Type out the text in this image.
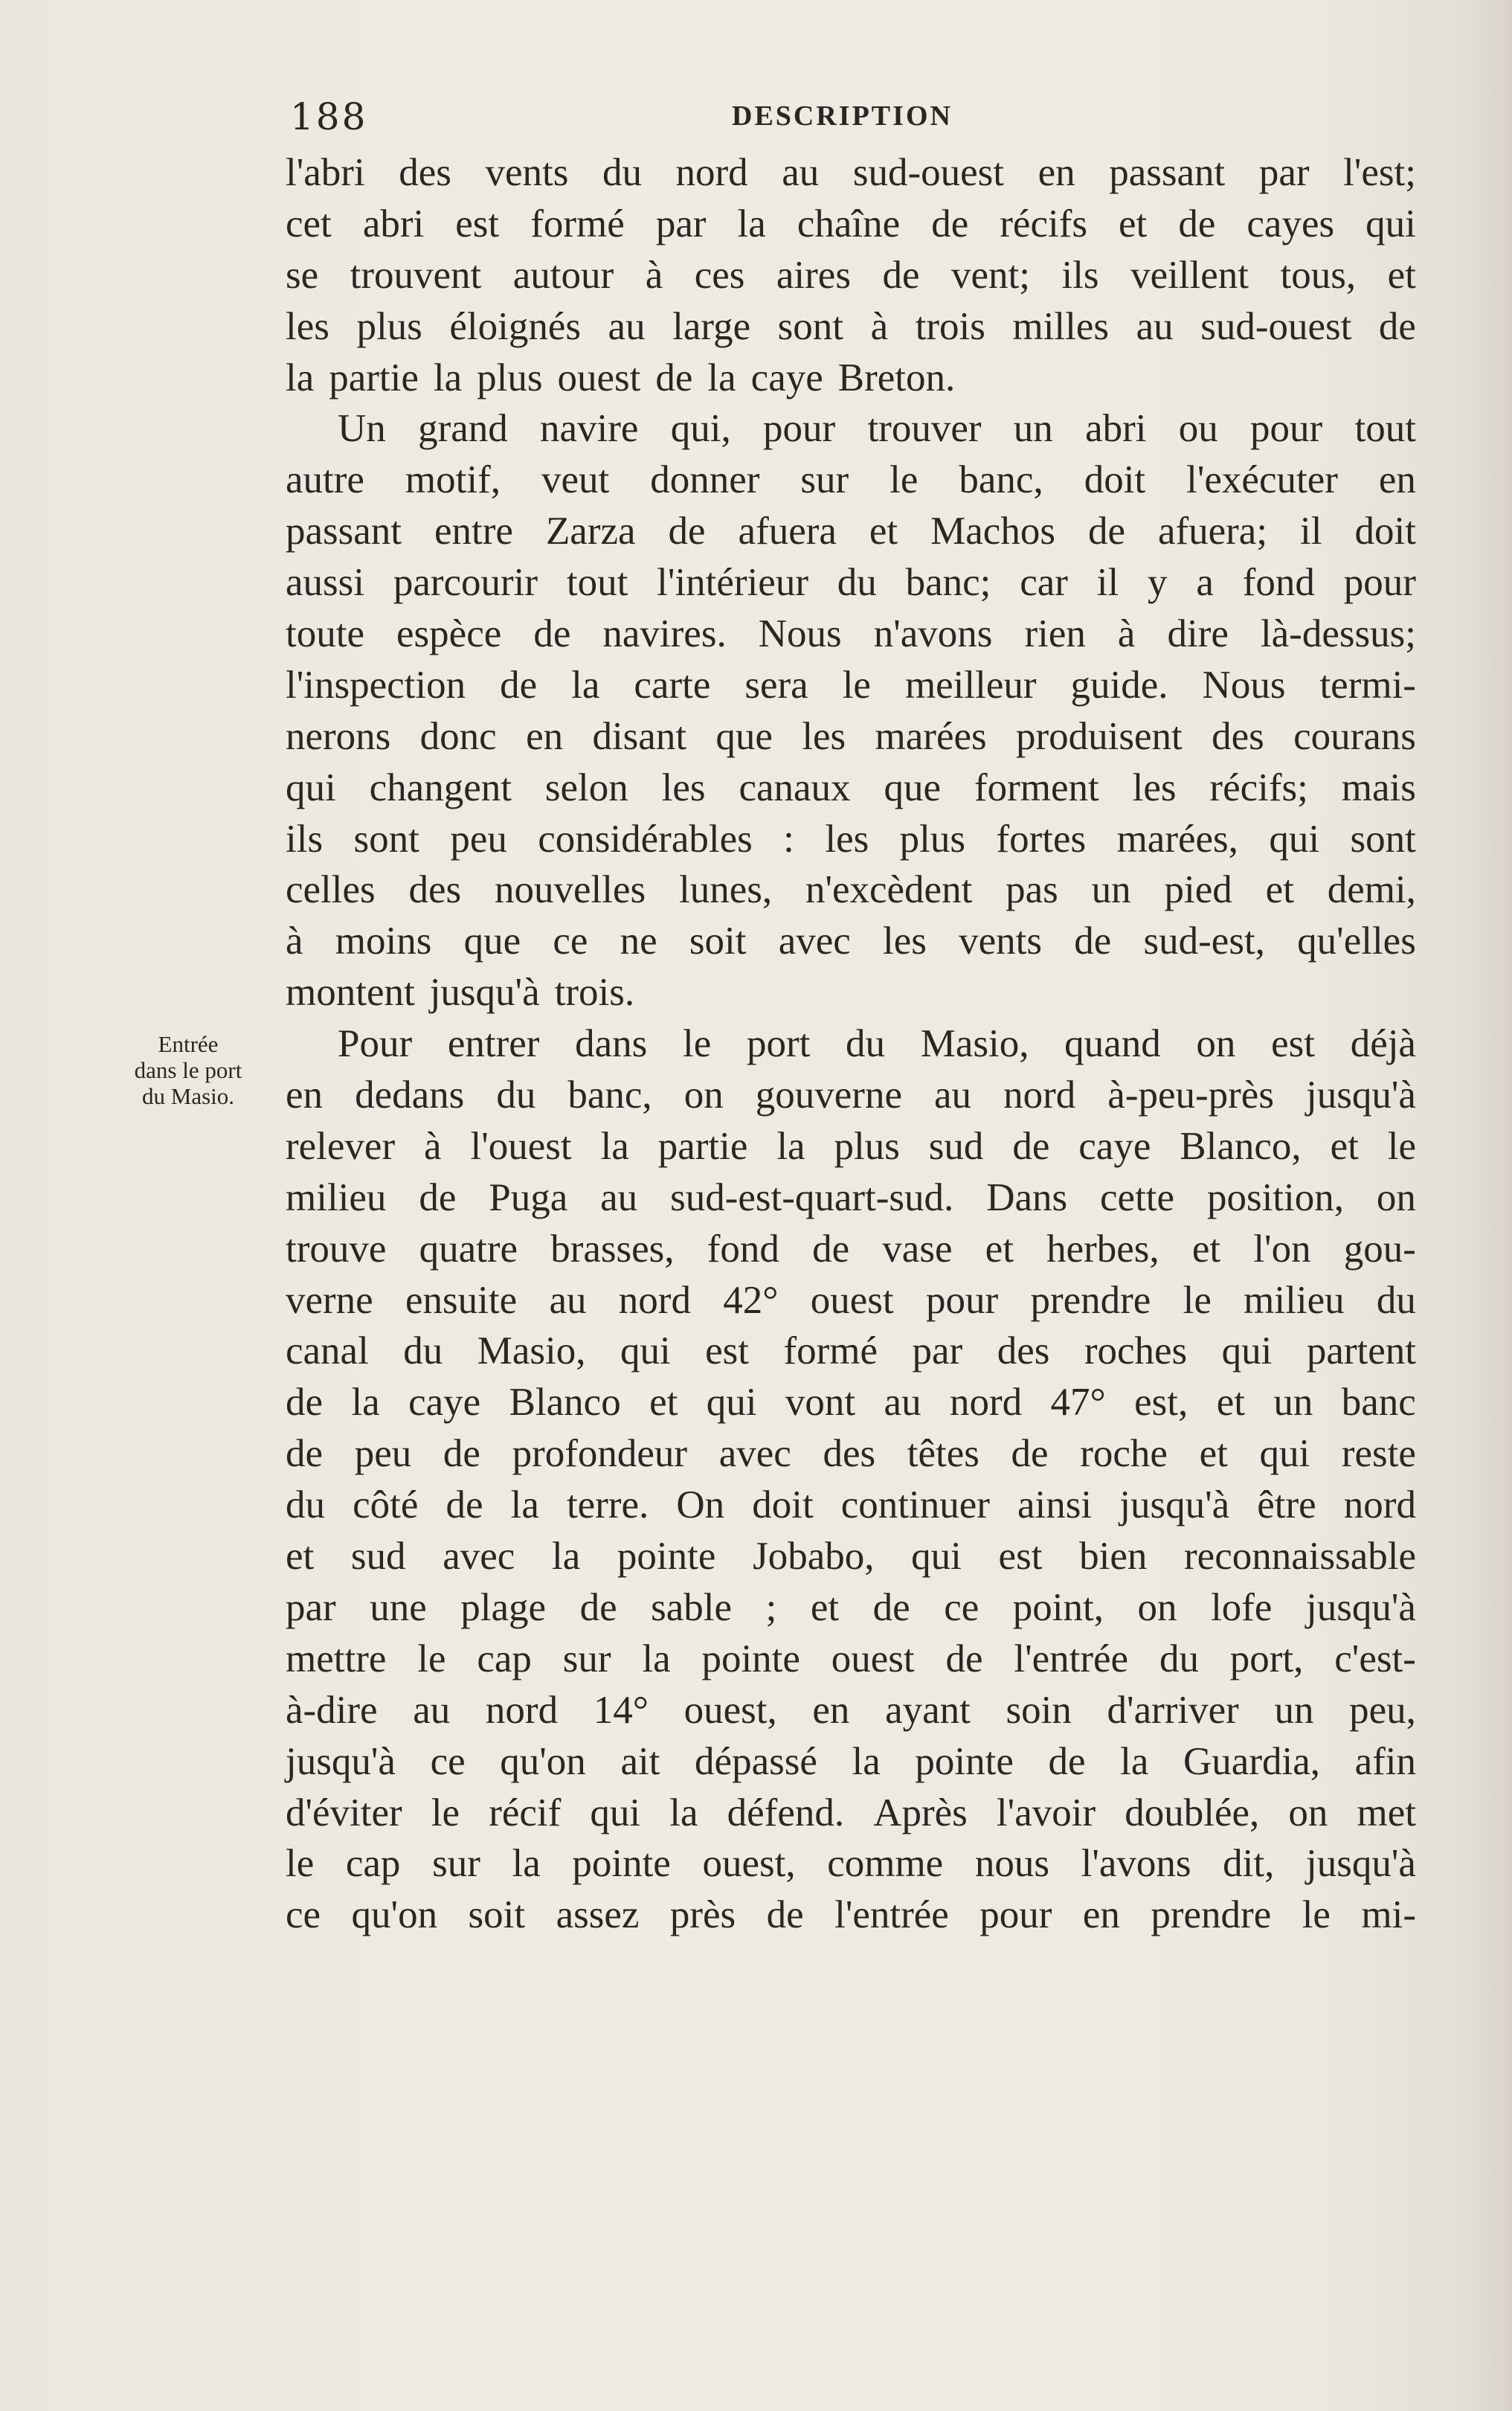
188	DESCRIPTION
Entrée
dans le port
du Masio.
l'abri des vents du nord au sud-ouest en passant par l'est;
cet abri est formé par la chaîne de récifs et de cayes qui
se trouvent autour à ces aires de vent; ils veillent tous, et
les plus éloignés au large sont à trois milles au sud-ouest de
la partie la plus ouest de la caye Breton.
Un grand navire qui, pour trouver un abri ou pour tout
autre motif, veut donner sur le banc, doit l'exécuter en
passant entre Zarza de afuera et Machos de afuera; il doit
aussi parcourir tout l'intérieur du banc; car il y a fond pour
toute espèce de navires. Nous n'avons rien à dire là-dessus;
l'inspection de la carte sera le meilleur guide. Nous termi-
nerons donc en disant que les marées produisent des courans
qui changent selon les canaux que forment les récifs; mais
ils sont peu considérables : les plus fortes marées, qui sont
celles des nouvelles lunes, n'excèdent pas un pied et demi,
à moins que ce ne soit avec les vents de sud-est, qu'elles
montent jusqu'à trois.
Pour entrer dans le port du Masio, quand on est déjà
en dedans du banc, on gouverne au nord à-peu-près jusqu'à
relever à l'ouest la partie la plus sud de caye Blanco, et le
milieu de Puga au sud-est-quart-sud. Dans cette position, on
trouve quatre brasses, fond de vase et herbes, et l'on gou-
verne ensuite au nord 42° ouest pour prendre le milieu du
canal du Masio, qui est formé par des roches qui partent
de la caye Blanco et qui vont au nord 47° est, et un banc
de peu de profondeur avec des têtes de roche et qui reste
du côté de la terre. On doit continuer ainsi jusqu'à être nord
et sud avec la pointe Jobabo, qui est bien reconnaissable
par une plage de sable ; et de ce point, on lofe jusqu'à
mettre le cap sur la pointe ouest de l'entrée du port, c'est-
à-dire au nord 14° ouest, en ayant soin d'arriver un peu,
jusqu'à ce qu'on ait dépassé la pointe de la Guardia, afin
d'éviter le récif qui la défend. Après l'avoir doublée, on met
le cap sur la pointe ouest, comme nous l'avons dit, jusqu'à
ce qu'on soit assez près de l'entrée pour en prendre le mi-
